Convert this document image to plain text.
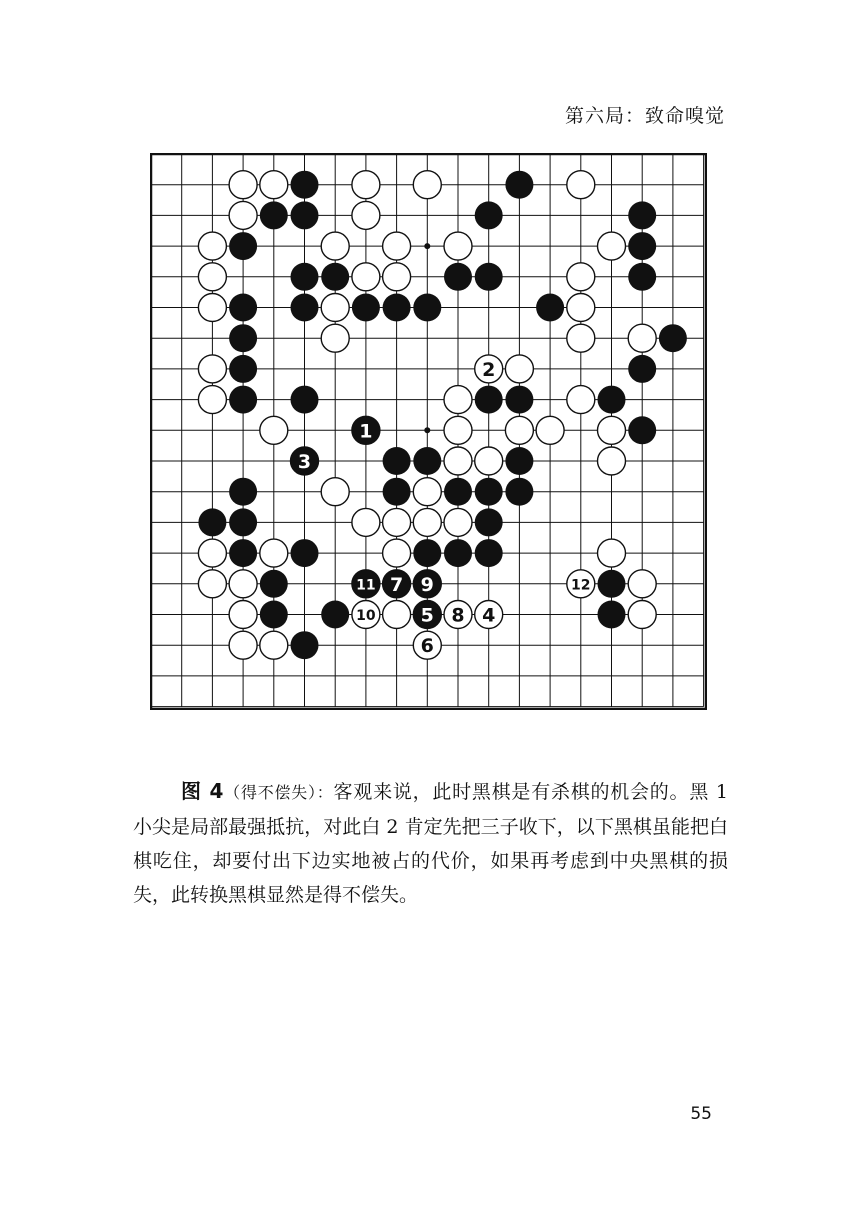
第六局：致命嗅觉
1
2
3
4
5
6
7
8
9
10
11	12

图 4（得不偿失）：客观来说，此时黑棋是有杀棋的机会的。黑 1 小尖是局部最强抵抗，对此白 2 肯定先把三子收下，以下黑棋虽能把白棋吃住，却要付出下边实地被占的代价，如果再考虑到中央黑棋的损失，此转换黑棋显然是得不偿失。

55
